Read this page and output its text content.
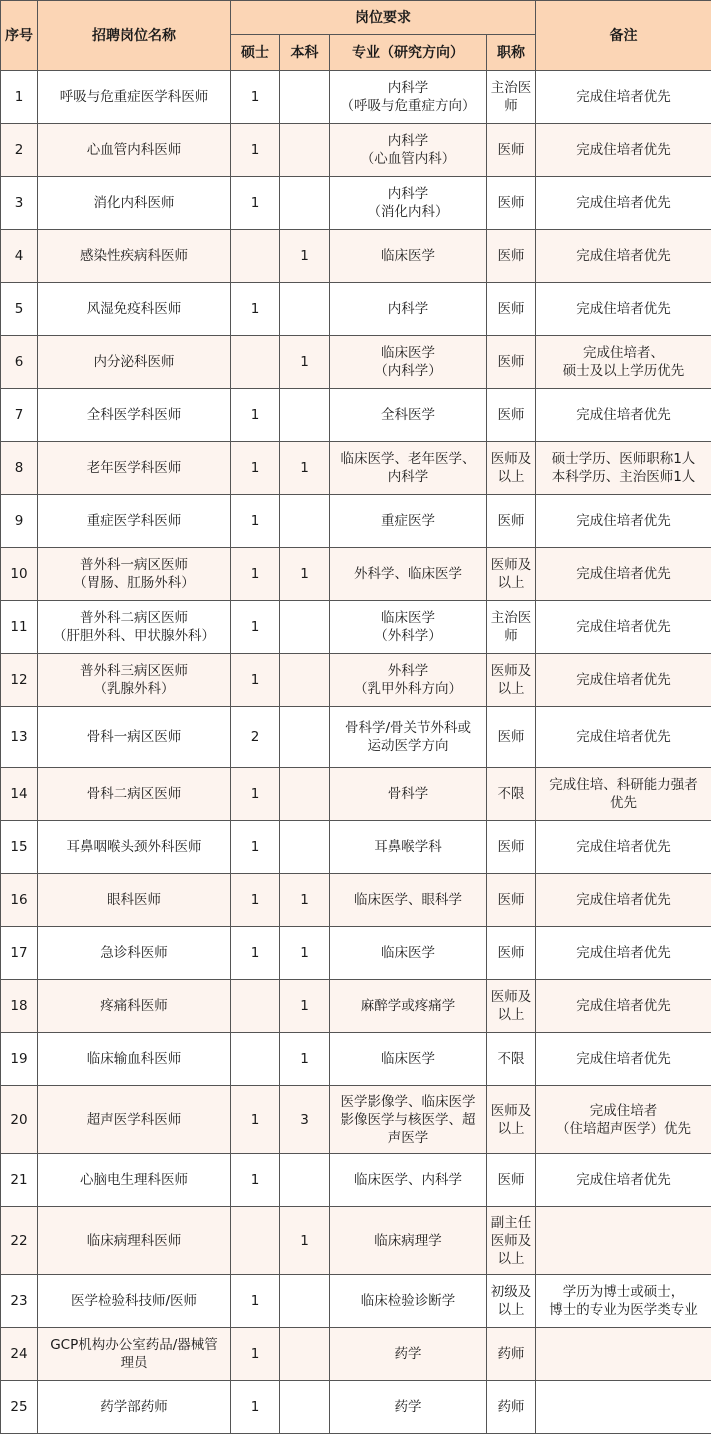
序号	招聘岗位名称	岗位要求				备注
		硕士	本科	专业（研究方向）	职称	
1	呼吸与危重症医学科医师	1		内科学
（呼吸与危重症方向）	主治医
师	完成住培者优先

2	心血管内科医师	1		内科学
（心血管内科）	医师	完成住培者优先

3	消化内科医师	1		内科学
（消化内科）	医师	完成住培者优先

4	感染性疾病科医师		1	临床医学	医师	完成住培者优先

5	风湿免疫科医师	1		内科学	医师	完成住培者优先

6	内分泌科医师		1	临床医学
（内科学）	医师	完成住培者、
硕士及以上学历优先

7	全科医学科医师	1		全科医学	医师	完成住培者优先

8	老年医学科医师	1	1	临床医学、老年医学、
内科学	医师及
以上	硕士学历、医师职称1人
本科学历、主治医师1人

9	重症医学科医师	1		重症医学	医师	完成住培者优先

10	普外科一病区医师
（胃肠、肛肠外科）	1	1	外科学、临床医学	医师及
以上	完成住培者优先

11	普外科二病区医师
（肝胆外科、甲状腺外科）	1		临床医学
（外科学）	主治医
师	完成住培者优先

12	普外科三病区医师
（乳腺外科）	1		外科学
（乳甲外科方向）	医师及
以上	完成住培者优先

13	骨科一病区医师	2		骨科学/骨关节外科或
运动医学方向	医师	完成住培者优先

14	骨科二病区医师	1		骨科学	不限	完成住培、科研能力强者
优先

15	耳鼻咽喉头颈外科医师	1		耳鼻喉学科	医师	完成住培者优先

16	眼科医师	1	1	临床医学、眼科学	医师	完成住培者优先

17	急诊科医师	1	1	临床医学	医师	完成住培者优先

18	疼痛科医师		1	麻醉学或疼痛学	医师及
以上	完成住培者优先

19	临床输血科医师		1	临床医学	不限	完成住培者优先

20	超声医学科医师	1	3	医学影像学、临床医学
影像医学与核医学、超
声医学	医师及
以上	完成住培者
（住培超声医学）优先

21	心脑电生理科医师	1		临床医学、内科学	医师	完成住培者优先

22	临床病理科医师		1	临床病理学	副主任
医师及
以上	

23	医学检验科技师/医师	1		临床检验诊断学	初级及
以上	学历为博士或硕士，
博士的专业为医学类专业

24	GCP机构办公室药品/器械管
理员	1		药学	药师	

25	药学部药师	1		药学	药师	
